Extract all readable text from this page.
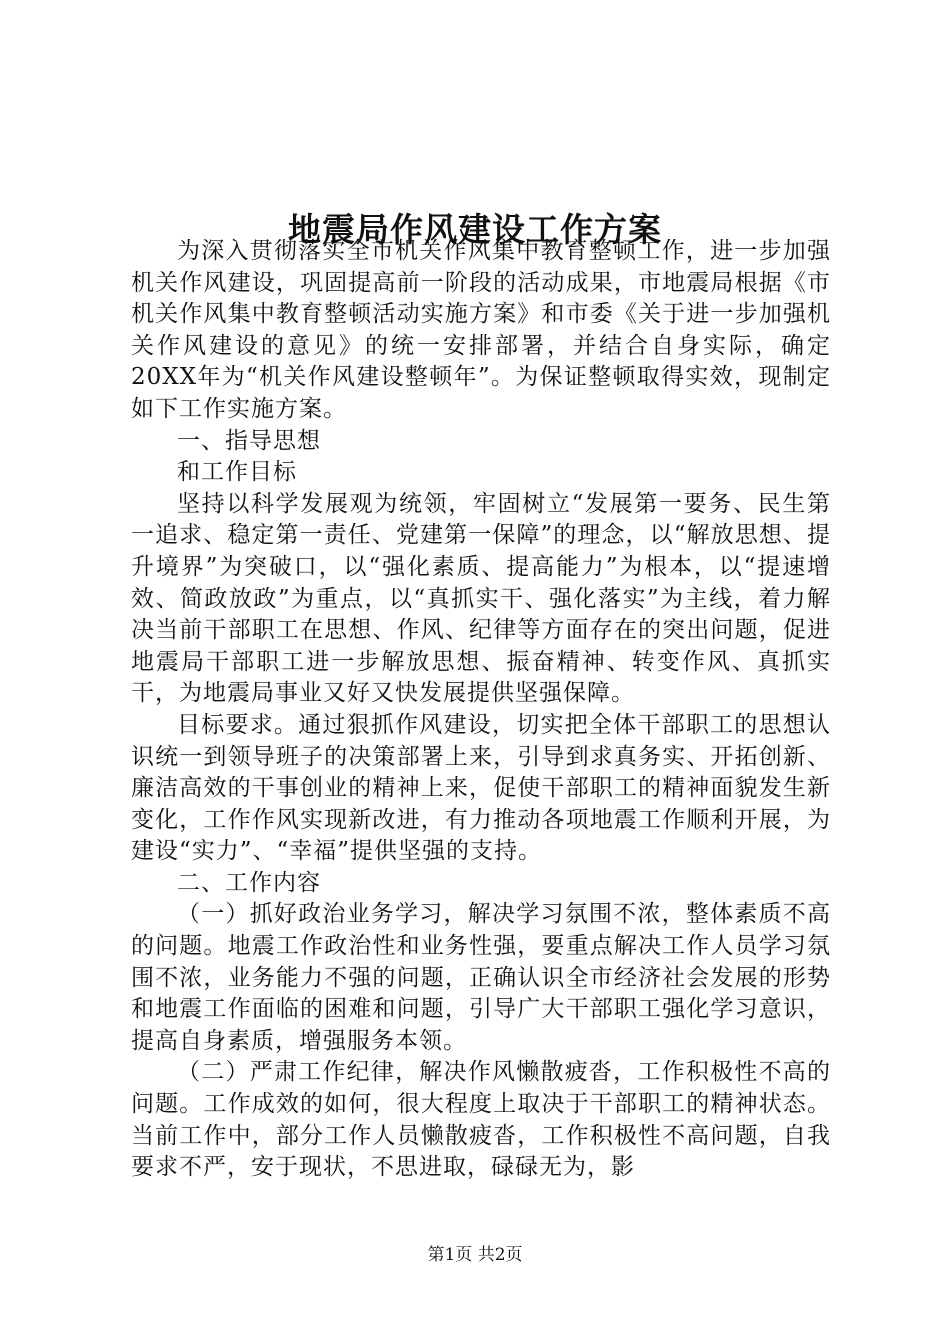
地震局作风建设工作方案

为深入贯彻落实全市机关作风集中教育整顿工作，进一步加强机关作风建设，巩固提高前一阶段的活动成果，市地震局根据《市机关作风集中教育整顿活动实施方案》和市委《关于进一步加强机关作风建设的意见》的统一安排部署，并结合自身实际，确定20XX年为“机关作风建设整顿年”。为保证整顿取得实效，现制定如下工作实施方案。

一、指导思想

和工作目标

坚持以科学发展观为统领，牢固树立“发展第一要务、民生第一追求、稳定第一责任、党建第一保障”的理念，以“解放思想、提升境界”为突破口，以“强化素质、提高能力”为根本，以“提速增效、简政放政”为重点，以“真抓实干、强化落实”为主线，着力解决当前干部职工在思想、作风、纪律等方面存在的突出问题，促进地震局干部职工进一步解放思想、振奋精神、转变作风、真抓实干，为地震局事业又好又快发展提供坚强保障。

目标要求。通过狠抓作风建设，切实把全体干部职工的思想认识统一到领导班子的决策部署上来，引导到求真务实、开拓创新、廉洁高效的干事创业的精神上来，促使干部职工的精神面貌发生新变化，工作作风实现新改进，有力推动各项地震工作顺利开展，为建设“实力”、“幸福”提供坚强的支持。

二、工作内容

（一）抓好政治业务学习，解决学习氛围不浓，整体素质不高的问题。地震工作政治性和业务性强，要重点解决工作人员学习氛围不浓，业务能力不强的问题，正确认识全市经济社会发展的形势和地震工作面临的困难和问题，引导广大干部职工强化学习意识，提高自身素质，增强服务本领。

（二）严肃工作纪律，解决作风懒散疲沓，工作积极性不高的问题。工作成效的如何，很大程度上取决于干部职工的精神状态。当前工作中，部分工作人员懒散疲沓，工作积极性不高问题，自我要求不严，安于现状，不思进取，碌碌无为，影

第1页 共2页
